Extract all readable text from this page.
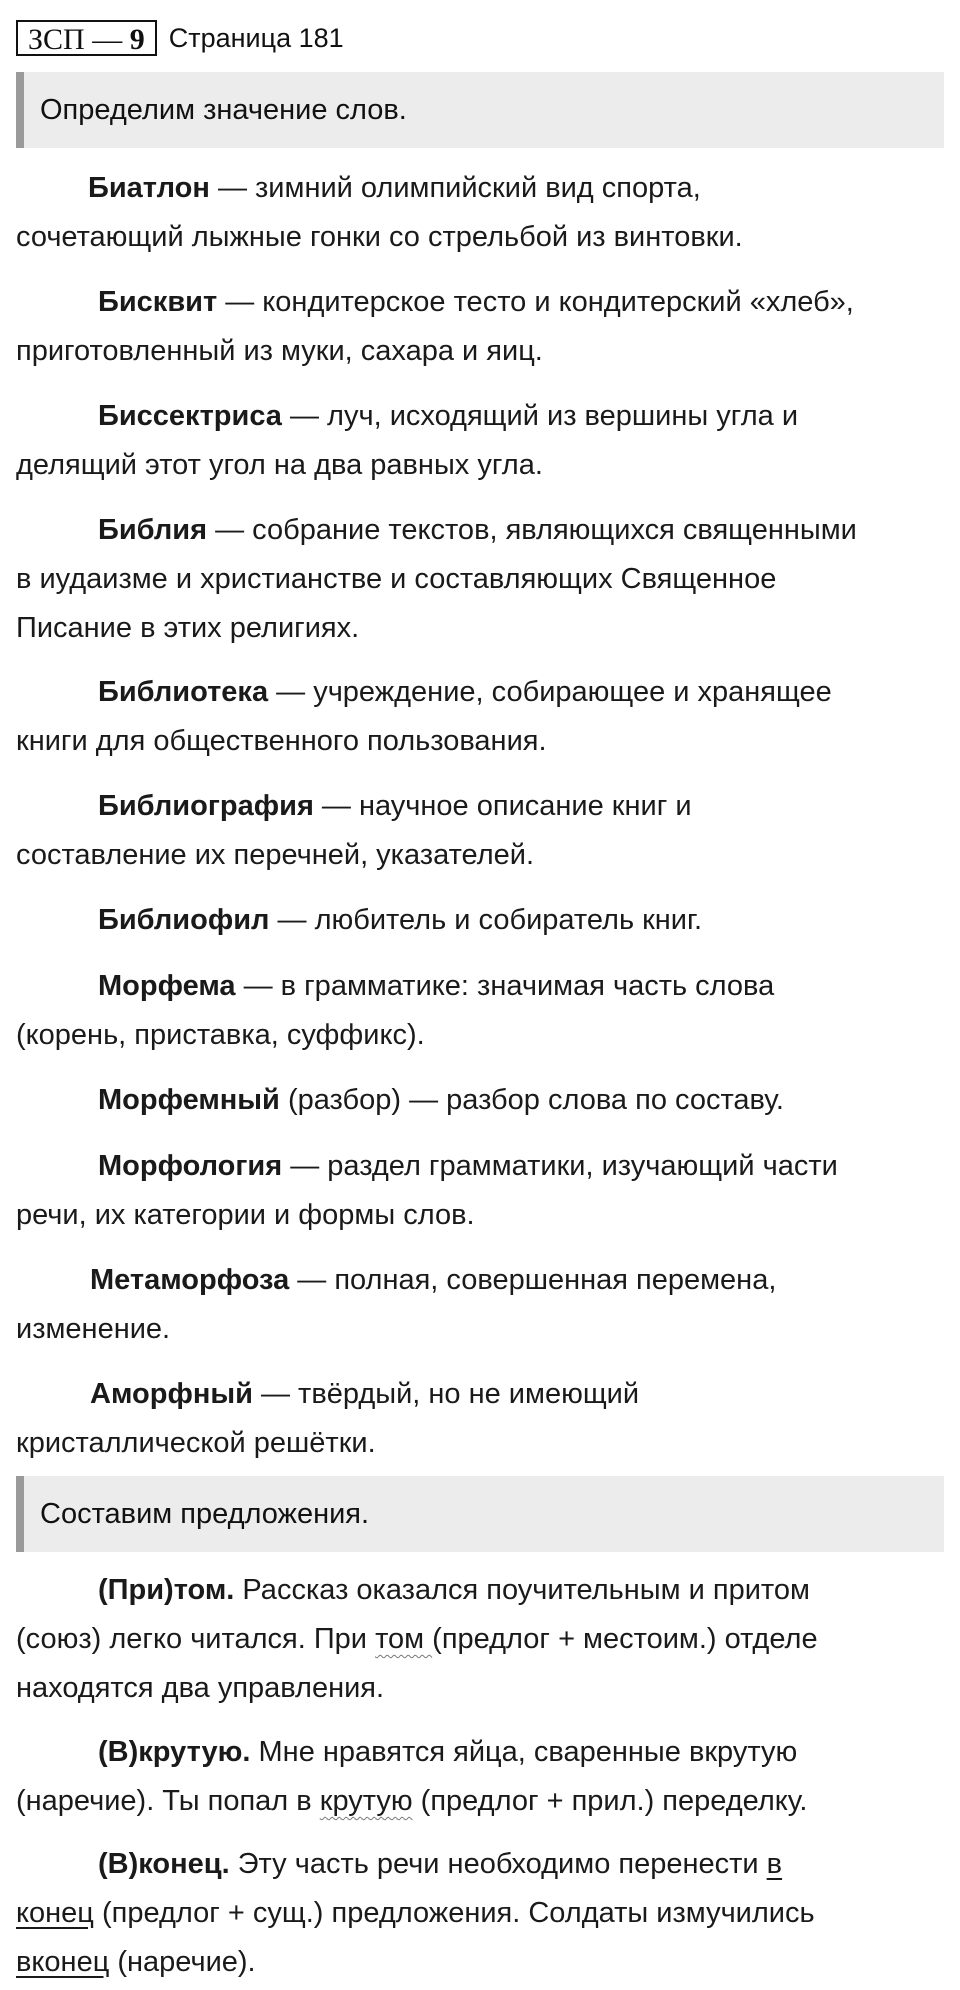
ЗСП — 9 Страница 181
Определим значение слов.
Биатлон — зимний олимпийский вид спорта,
сочетающий лыжные гонки со стрельбой из винтовки.
Бисквит — кондитерское тесто и кондитерский «хлеб»,
приготовленный из муки, сахара и яиц.
Биссектриса — луч, исходящий из вершины угла и
делящий этот угол на два равных угла.
Библия — собрание текстов, являющихся священными
в иудаизме и христианстве и составляющих Священное
Писание в этих религиях.
Библиотека — учреждение, собирающее и хранящее
книги для общественного пользования.
Библиография — научное описание книг и
составление их перечней, указателей.
Библиофил — любитель и собиратель книг.
Морфема — в грамматике: значимая часть слова
(корень, приставка, суффикс).
Морфемный (разбор) — разбор слова по составу.
Морфология — раздел грамматики, изучающий части
речи, их категории и формы слов.
Метаморфоза — полная, совершенная перемена,
изменение.
Аморфный — твёрдый, но не имеющий
кристаллической решётки.
Составим предложения.
(При)том. Рассказ оказался поучительным и притом
(союз) легко читался. При том (предлог + местоим.) отделе
находятся два управления.
(В)крутую. Мне нравятся яйца, сваренные вкрутую
(наречие). Ты попал в крутую (предлог + прил.) переделку.
(В)конец. Эту часть речи необходимо перенести в
конец (предлог + сущ.) предложения. Солдаты измучились
вконец (наречие).
